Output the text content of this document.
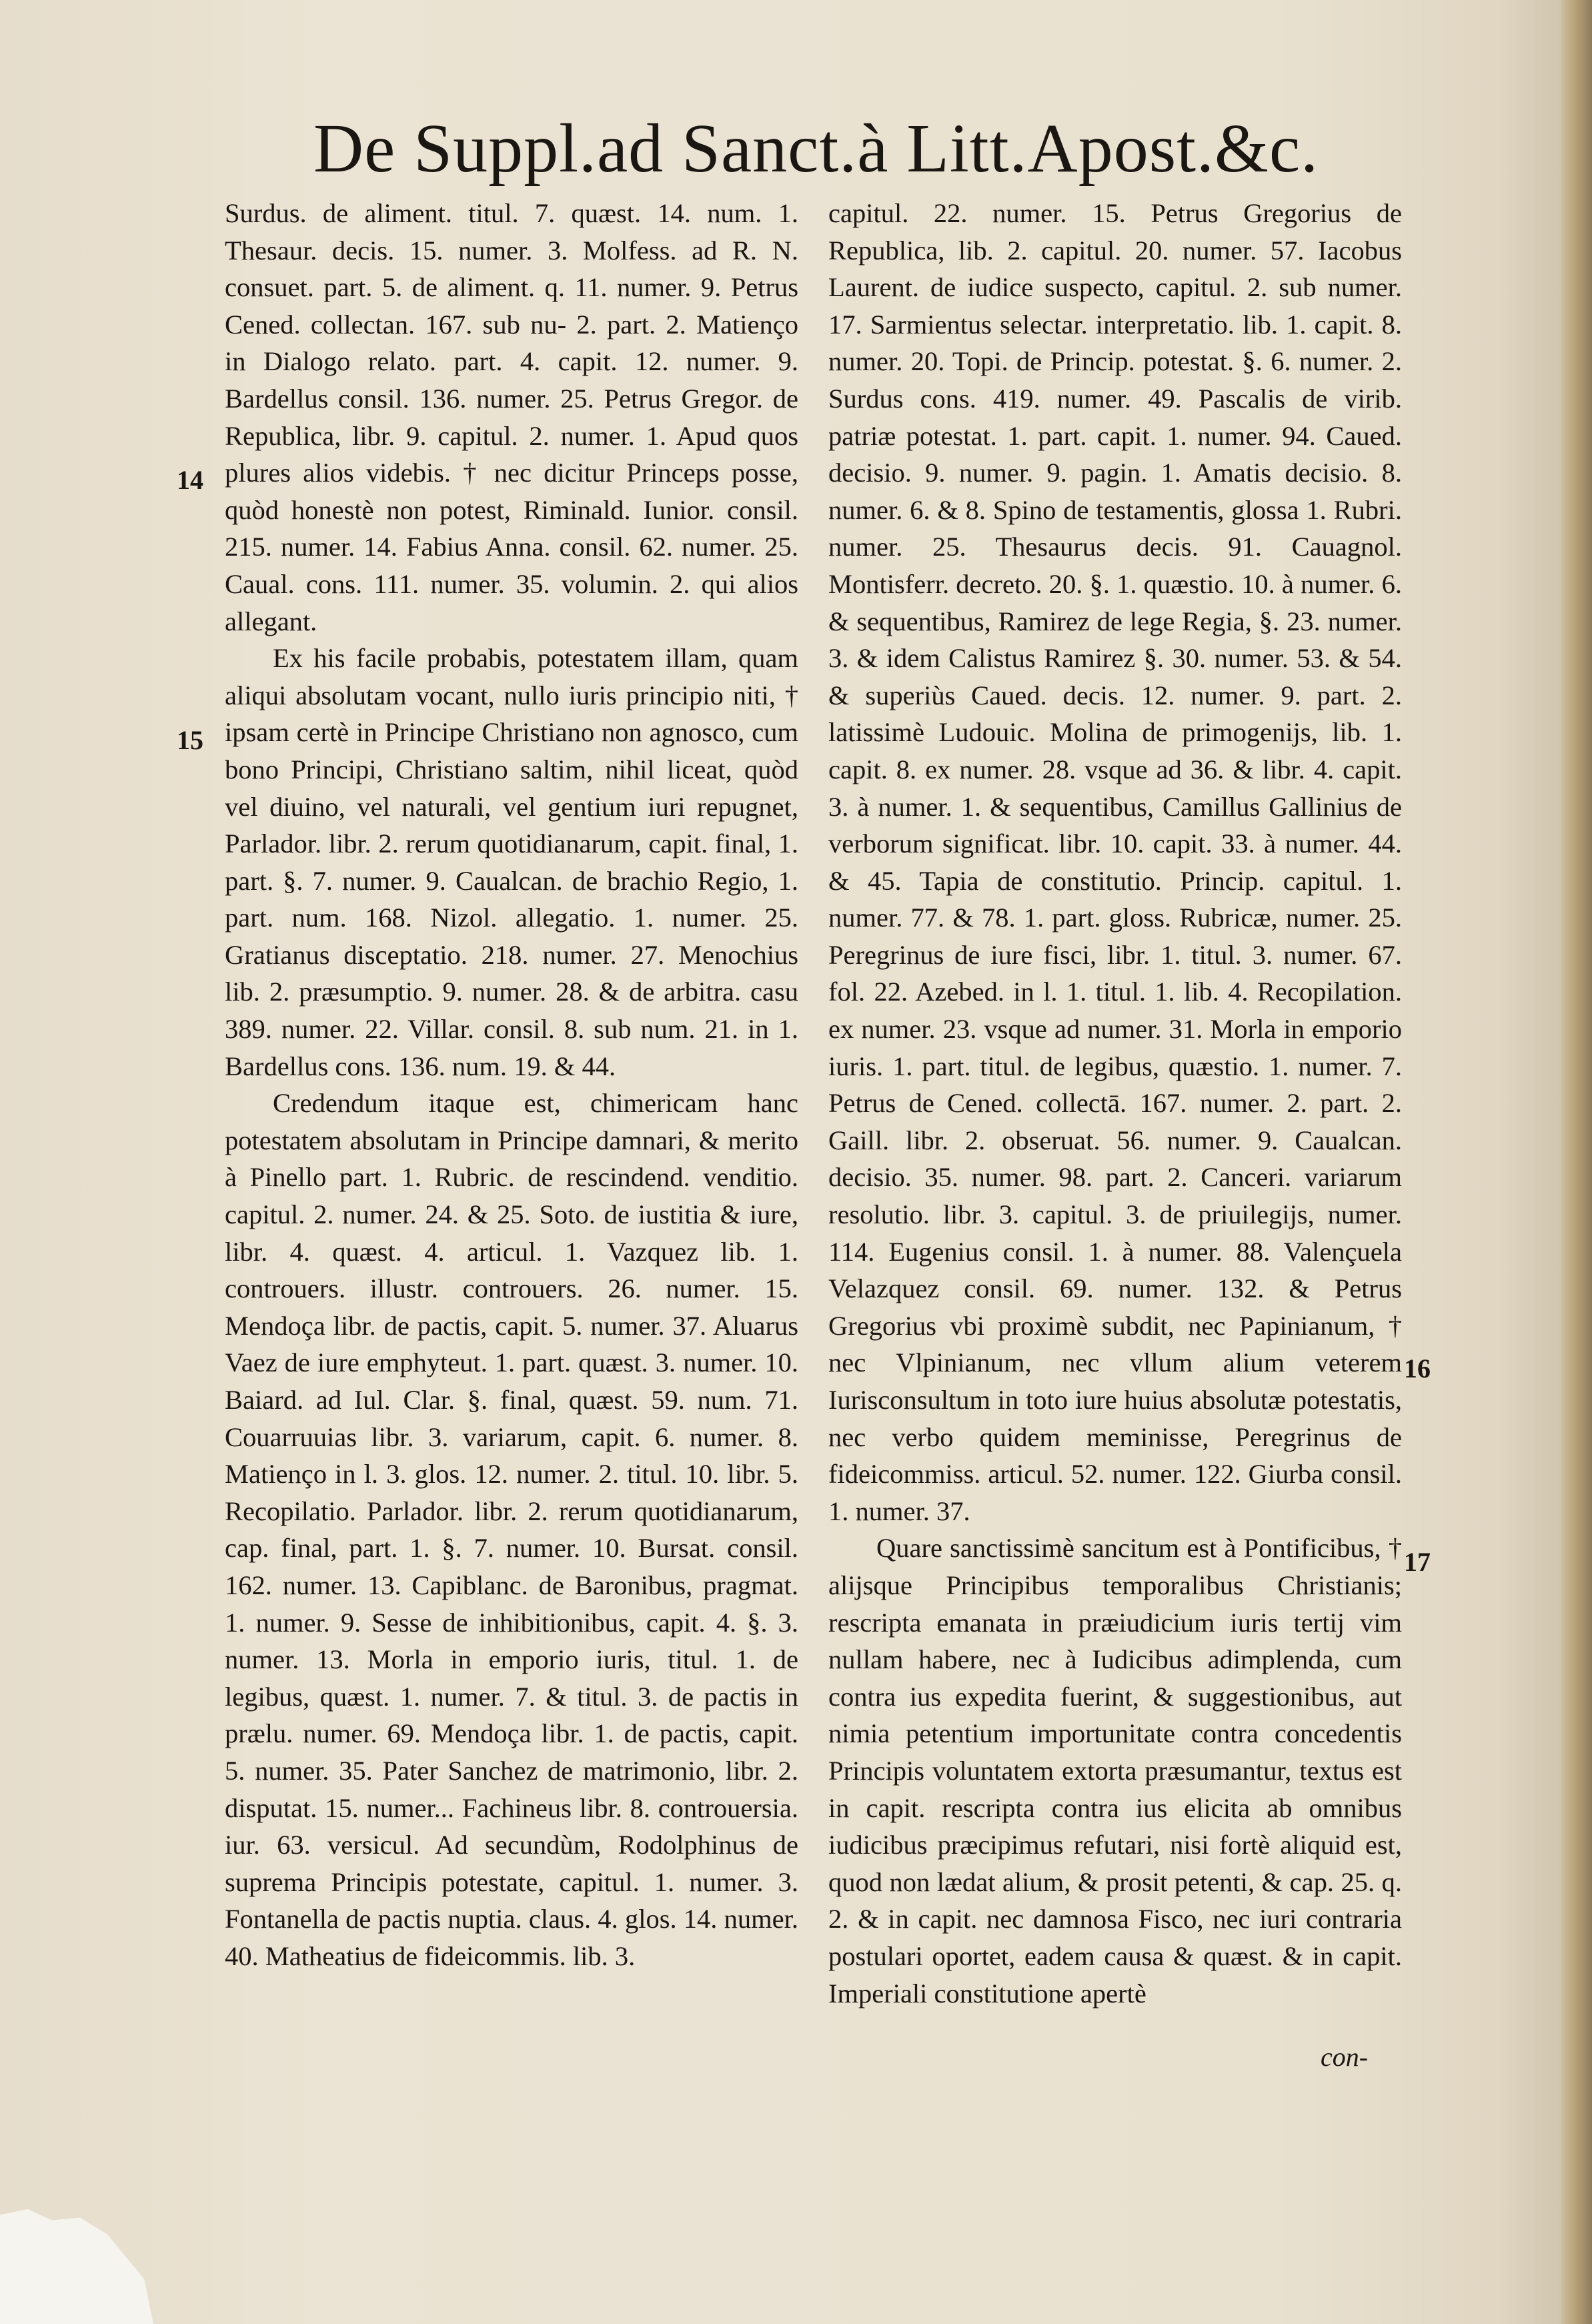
De Suppl.ad Sanct.à Litt.Apost.&c.
14
15
16
17

Surdus. de aliment. titul. 7. quæst. 14. num. 1. Thesaur. decis. 15. numer. 3. Molfess. ad R. N. consuet. part. 5. de aliment. q. 11. numer. 9. Petrus Cened. collectan. 167. sub nu- 2. part. 2. Matienço in Dialogo relato. part. 4. capit. 12. numer. 9. Bardellus consil. 136. numer. 25. Petrus Gregor. de Republica, libr. 9. capitul. 2. numer. 1. Apud quos plures alios videbis. † nec dicitur Princeps posse, quòd honestè non potest, Riminald. Iunior. consil. 215. numer. 14. Fabius Anna. consil. 62. numer. 25. Caual. cons. 111. numer. 35. volumin. 2. qui alios allegant.

Ex his facile probabis, potestatem illam, quam aliqui absolutam vocant, nullo iuris principio niti, † ipsam certè in Principe Christiano non agnosco, cum bono Principi, Christiano saltim, nihil liceat, quòd vel diuino, vel naturali, vel gentium iuri repugnet, Parlador. libr. 2. rerum quotidianarum, capit. final, 1. part. §. 7. numer. 9. Caualcan. de brachio Regio, 1. part. num. 168. Nizol. allegatio. 1. numer. 25. Gratianus disceptatio. 218. numer. 27. Menochius lib. 2. præsumptio. 9. numer. 28. & de arbitra. casu 389. numer. 22. Villar. consil. 8. sub num. 21. in 1. Bardellus cons. 136. num. 19. & 44.

Credendum itaque est, chimericam hanc potestatem absolutam in Principe damnari, & merito à Pinello part. 1. Rubric. de rescindend. venditio. capitul. 2. numer. 24. & 25. Soto. de iustitia & iure, libr. 4. quæst. 4. articul. 1. Vazquez lib. 1. controuers. illustr. controuers. 26. numer. 15. Mendoça libr. de pactis, capit. 5. numer. 37. Aluarus Vaez de iure emphyteut. 1. part. quæst. 3. numer. 10. Baiard. ad Iul. Clar. §. final, quæst. 59. num. 71. Couarruuias libr. 3. variarum, capit. 6. numer. 8. Matienço in l. 3. glos. 12. numer. 2. titul. 10. libr. 5. Recopilatio. Parlador. libr. 2. rerum quotidianarum, cap. final, part. 1. §. 7. numer. 10. Bursat. consil. 162. numer. 13. Capiblanc. de Baronibus, pragmat. 1. numer. 9. Sesse de inhibitionibus, capit. 4. §. 3. numer. 13. Morla in emporio iuris, titul. 1. de legibus, quæst. 1. numer. 7. & titul. 3. de pactis in prælu. numer. 69. Mendoça libr. 1. de pactis, capit. 5. numer. 35. Pater Sanchez de matrimonio, libr. 2. disputat. 15. numer... Fachineus libr. 8. controuersia. iur. 63. versicul. Ad secundùm, Rodolphinus de suprema Principis potestate, capitul. 1. numer. 3. Fontanella de pactis nuptia. claus. 4. glos. 14. numer. 40. Matheatius de fideicommis. lib. 3.

capitul. 22. numer. 15. Petrus Gregorius de Republica, lib. 2. capitul. 20. numer. 57. Iacobus Laurent. de iudice suspecto, capitul. 2. sub numer. 17. Sarmientus selectar. interpretatio. lib. 1. capit. 8. numer. 20. Topi. de Princip. potestat. §. 6. numer. 2. Surdus cons. 419. numer. 49. Pascalis de virib. patriæ potestat. 1. part. capit. 1. numer. 94. Caued. decisio. 9. numer. 9. pagin. 1. Amatis decisio. 8. numer. 6. & 8. Spino de testamentis, glossa 1. Rubri. numer. 25. Thesaurus decis. 91. Cauagnol. Montisferr. decreto. 20. §. 1. quæstio. 10. à numer. 6. & sequentibus, Ramirez de lege Regia, §. 23. numer. 3. & idem Calistus Ramirez §. 30. numer. 53. & 54. & superiùs Caued. decis. 12. numer. 9. part. 2. latissimè Ludouic. Molina de primogenijs, lib. 1. capit. 8. ex numer. 28. vsque ad 36. & libr. 4. capit. 3. à numer. 1. & sequentibus, Camillus Gallinius de verborum significat. libr. 10. capit. 33. à numer. 44. & 45. Tapia de constitutio. Princip. capitul. 1. numer. 77. & 78. 1. part. gloss. Rubricæ, numer. 25. Peregrinus de iure fisci, libr. 1. titul. 3. numer. 67. fol. 22. Azebed. in l. 1. titul. 1. lib. 4. Recopilation. ex numer. 23. vsque ad numer. 31. Morla in emporio iuris. 1. part. titul. de legibus, quæstio. 1. numer. 7. Petrus de Cened. collectā. 167. numer. 2. part. 2. Gaill. libr. 2. obseruat. 56. numer. 9. Caualcan. decisio. 35. numer. 98. part. 2. Canceri. variarum resolutio. libr. 3. capitul. 3. de priuilegijs, numer. 114. Eugenius consil. 1. à numer. 88. Valençuela Velazquez consil. 69. numer. 132. & Petrus Gregorius vbi proximè subdit, nec Papinianum, † nec Vlpinianum, nec vllum alium veterem Iurisconsultum in toto iure huius absolutæ potestatis, nec verbo quidem meminisse, Peregrinus de fideicommiss. articul. 52. numer. 122. Giurba consil. 1. numer. 37.

Quare sanctissimè sancitum est à Pontificibus, † alijsque Principibus temporalibus Christianis; rescripta emanata in præiudicium iuris tertij vim nullam habere, nec à Iudicibus adimplenda, cum contra ius expedita fuerint, & suggestionibus, aut nimia petentium importunitate contra concedentis Principis voluntatem extorta præsumantur, textus est in capit. rescripta contra ius elicita ab omnibus iudicibus præcipimus refutari, nisi fortè aliquid est, quod non lædat alium, & prosit petenti, & cap. 25. q. 2. & in capit. nec damnosa Fisco, nec iuri contraria postulari oportet, eadem causa & quæst. & in capit. Imperiali constitutione apertè

con-
